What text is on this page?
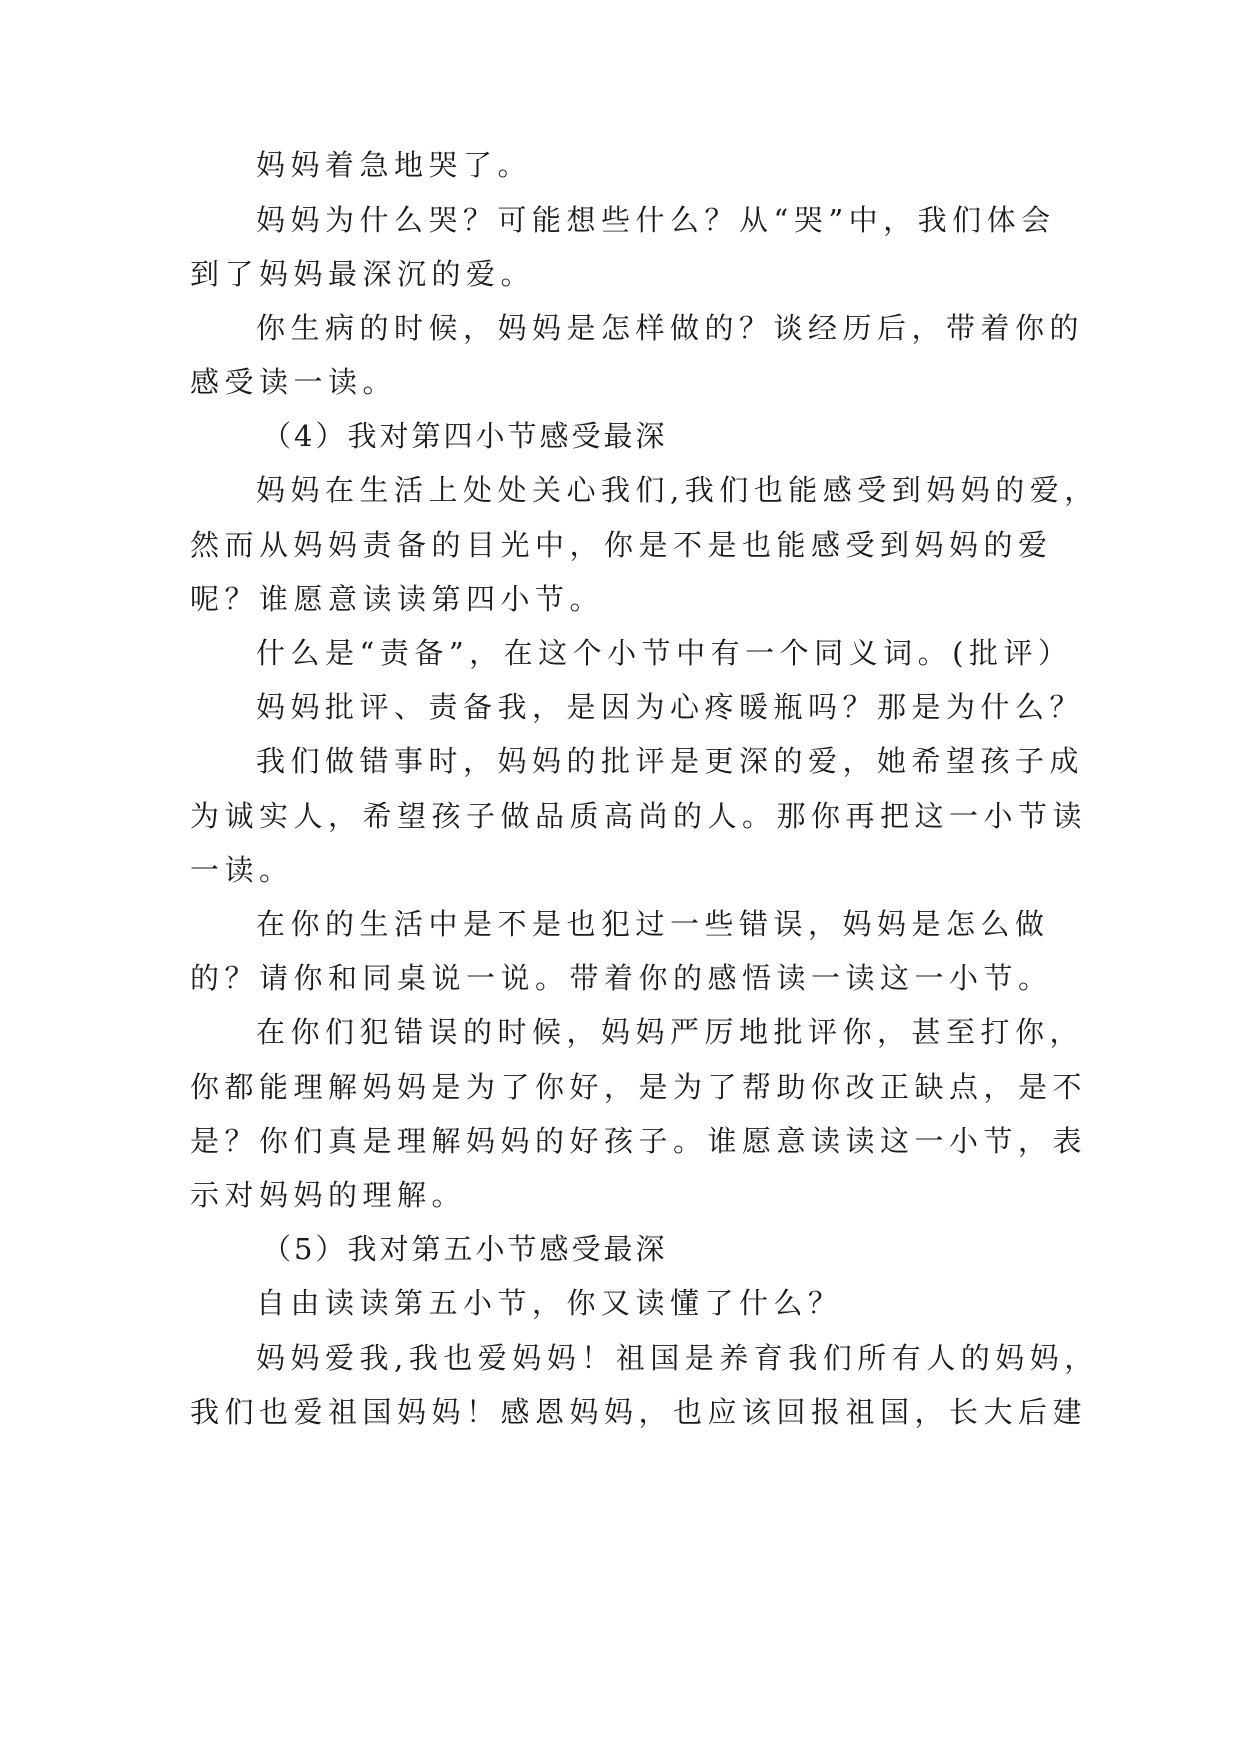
妈妈着急地哭了。
妈妈为什么哭？可能想些什么？从“哭”中，我们体会
到了妈妈最深沉的爱。
你生病的时候，妈妈是怎样做的？谈经历后，带着你的
感受读一读。
（4）我对第四小节感受最深
妈妈在生活上处处关心我们,我们也能感受到妈妈的爱，
然而从妈妈责备的目光中，你是不是也能感受到妈妈的爱
呢？谁愿意读读第四小节。
什么是“责备”，在这个小节中有一个同义词。(批评）
妈妈批评、责备我，是因为心疼暖瓶吗？那是为什么？
我们做错事时，妈妈的批评是更深的爱，她希望孩子成
为诚实人，希望孩子做品质高尚的人。那你再把这一小节读
一读。
在你的生活中是不是也犯过一些错误，妈妈是怎么做
的？请你和同桌说一说。带着你的感悟读一读这一小节。
在你们犯错误的时候，妈妈严厉地批评你，甚至打你，
你都能理解妈妈是为了你好，是为了帮助你改正缺点，是不
是？你们真是理解妈妈的好孩子。谁愿意读读这一小节，表
示对妈妈的理解。
（5）我对第五小节感受最深
自由读读第五小节，你又读懂了什么？
妈妈爱我,我也爱妈妈！祖国是养育我们所有人的妈妈，
我们也爱祖国妈妈！感恩妈妈，也应该回报祖国，长大后建
